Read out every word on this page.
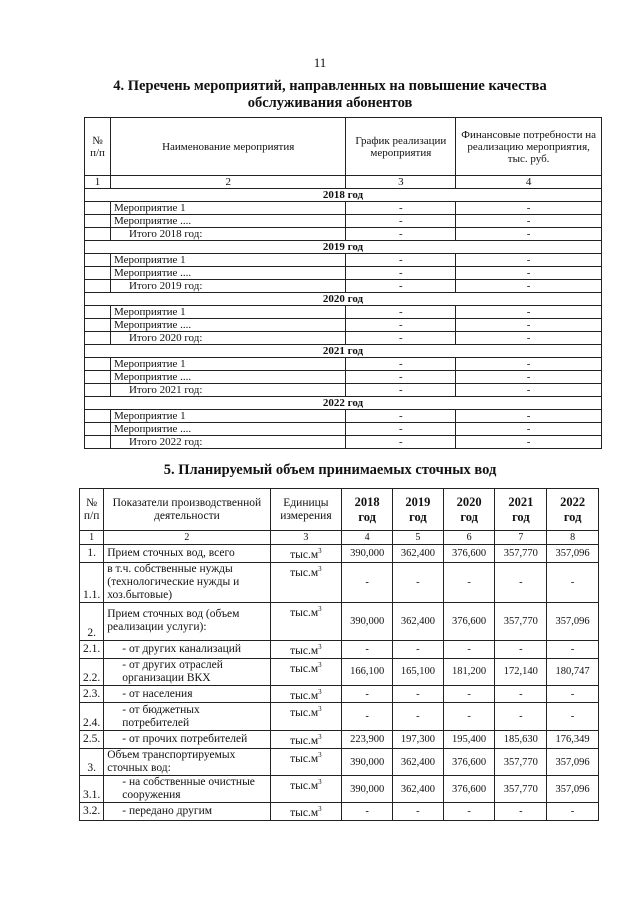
11
4. Перечень мероприятий, направленных на повышение качества
обслуживания абонентов
№ п/п	Наименование мероприятия	График реализации мероприятия	Финансовые потребности на реализацию мероприятия, тыс. руб.
1	2	3	4
2018 год			
	Мероприятие 1	-	-
	Мероприятие ....	-	-
	Итого 2018 год:	-	-
2019 год			
	Мероприятие 1	-	-
	Мероприятие ....	-	-
	Итого 2019 год:	-	-
2020 год			
	Мероприятие 1	-	-
	Мероприятие ....	-	-
	Итого 2020 год:	-	-
2021 год			
	Мероприятие 1	-	-
	Мероприятие ....	-	-
	Итого 2021 год:	-	-
2022 год			
	Мероприятие 1	-	-
	Мероприятие ....	-	-
	Итого 2022 год:	-	-
5. Планируемый объем принимаемых сточных вод
№ п/п	Показатели производственной деятельности	Единицы измерения	2018 год	2019 год	2020 год	2021 год	2022 год
1	2	3	4	5	6	7	8
1.	Прием сточных вод, всего	$тыс.м^3$	390,000	362,400	376,600	357,770	357,096
1.1.	в т.ч. собственные нужды (технологические нужды и хоз.бытовые)	$тыс.м^3$	-	-	-	-	-
2.	Прием сточных вод (объем реализации услуги):	$тыс.м^3$	390,000	362,400	376,600	357,770	357,096
2.1.	- от других канализаций	$тыс.м^3$	-	-	-	-	-
2.2.	- от других отраслей организации ВКХ	$тыс.м^3$	166,100	165,100	181,200	172,140	180,747
2.3.	- от населения	$тыс.м^3$	-	-	-	-	-
2.4.	- от бюджетных потребителей	$тыс.м^3$	-	-	-	-	-
2.5.	- от прочих потребителей	$тыс.м^3$	223,900	197,300	195,400	185,630	176,349
3.	Объем транспортируемых сточных вод:	$тыс.м^3$	390,000	362,400	376,600	357,770	357,096
3.1.	- на собственные очистные сооружения	$тыс.м^3$	390,000	362,400	376,600	357,770	357,096
3.2.	- передано другим	$тыс.м^3$	-	-	-	-	-
